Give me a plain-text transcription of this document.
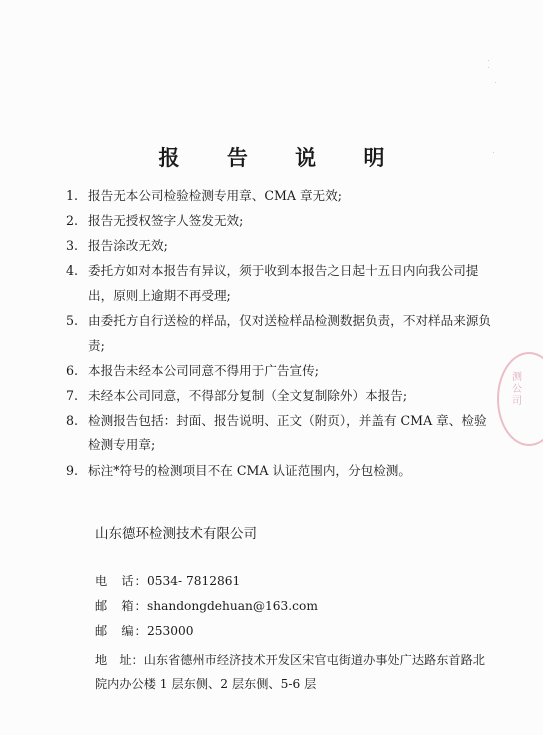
报 告 说 明
1. 报告无本公司检验检测专用章、CMA 章无效;
2. 报告无授权签字人签发无效;
3. 报告涂改无效;
4. 委托方如对本报告有异议，须于收到本报告之日起十五日内向我公司提出，原则上逾期不再受理;
5. 由委托方自行送检的样品，仅对送检样品检测数据负责，不对样品来源负责;
6. 本报告未经本公司同意不得用于广告宣传;
7. 未经本公司同意，不得部分复制（全文复制除外）本报告;
8. 检测报告包括：封面、报告说明、正文（附页），并盖有 CMA 章、检验检测专用章;
9. 标注*符号的检测项目不在 CMA 认证范围内，分包检测。
山东德环检测技术有限公司
电　话：0534- 7812861
邮　箱：shandongdehuan@163.com
邮　编：253000
地　址：山东省德州市经济技术开发区宋官屯街道办事处广达路东首路北院内办公楼 1 层东侧、2 层东侧、5-6 层
测公司
